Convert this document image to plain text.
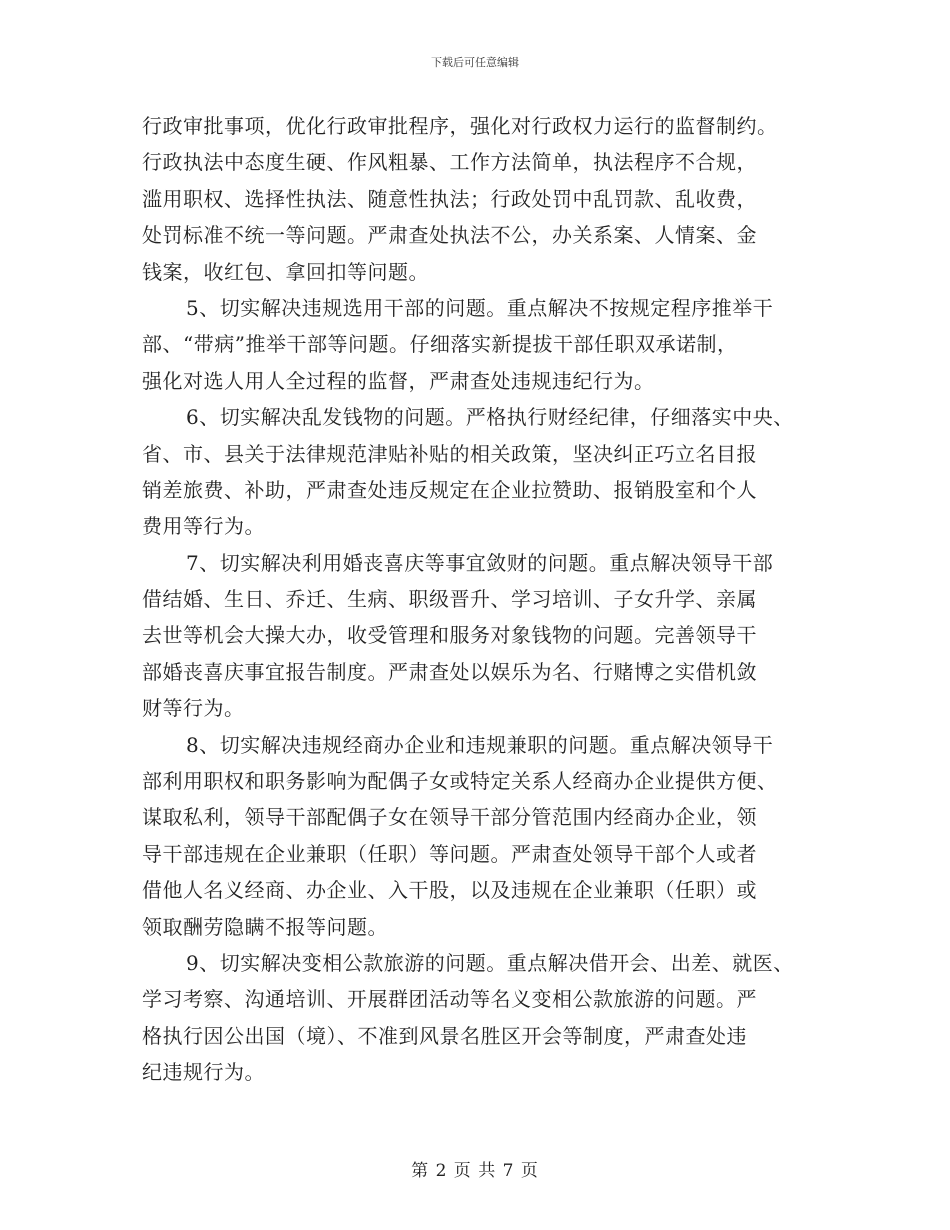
下载后可任意编辑
行政审批事项，优化行政审批程序，强化对行政权力运行的监督制约。
行政执法中态度生硬、作风粗暴、工作方法简单，执法程序不合规，
滥用职权、选择性执法、随意性执法；行政处罚中乱罚款、乱收费，
处罚标准不统一等问题。严肃查处执法不公，办关系案、人情案、金
钱案，收红包、拿回扣等问题。
5、切实解决违规选用干部的问题。重点解决不按规定程序推举干
部、“带病”推举干部等问题。仔细落实新提拔干部任职双承诺制，
强化对选人用人全过程的监督，严肃查处违规违纪行为。
6、切实解决乱发钱物的问题。严格执行财经纪律，仔细落实中央、
省、市、县关于法律规范津贴补贴的相关政策，坚决纠正巧立名目报
销差旅费、补助，严肃查处违反规定在企业拉赞助、报销股室和个人
费用等行为。
7、切实解决利用婚丧喜庆等事宜敛财的问题。重点解决领导干部
借结婚、生日、乔迁、生病、职级晋升、学习培训、子女升学、亲属
去世等机会大操大办，收受管理和服务对象钱物的问题。完善领导干
部婚丧喜庆事宜报告制度。严肃查处以娱乐为名、行赌博之实借机敛
财等行为。
8、切实解决违规经商办企业和违规兼职的问题。重点解决领导干
部利用职权和职务影响为配偶子女或特定关系人经商办企业提供方便、
谋取私利，领导干部配偶子女在领导干部分管范围内经商办企业，领
导干部违规在企业兼职（任职）等问题。严肃查处领导干部个人或者
借他人名义经商、办企业、入干股，以及违规在企业兼职（任职）或
领取酬劳隐瞒不报等问题。
9、切实解决变相公款旅游的问题。重点解决借开会、出差、就医、
学习考察、沟通培训、开展群团活动等名义变相公款旅游的问题。严
格执行因公出国（境）、不准到风景名胜区开会等制度，严肃查处违
纪违规行为。
第 2 页 共 7 页
